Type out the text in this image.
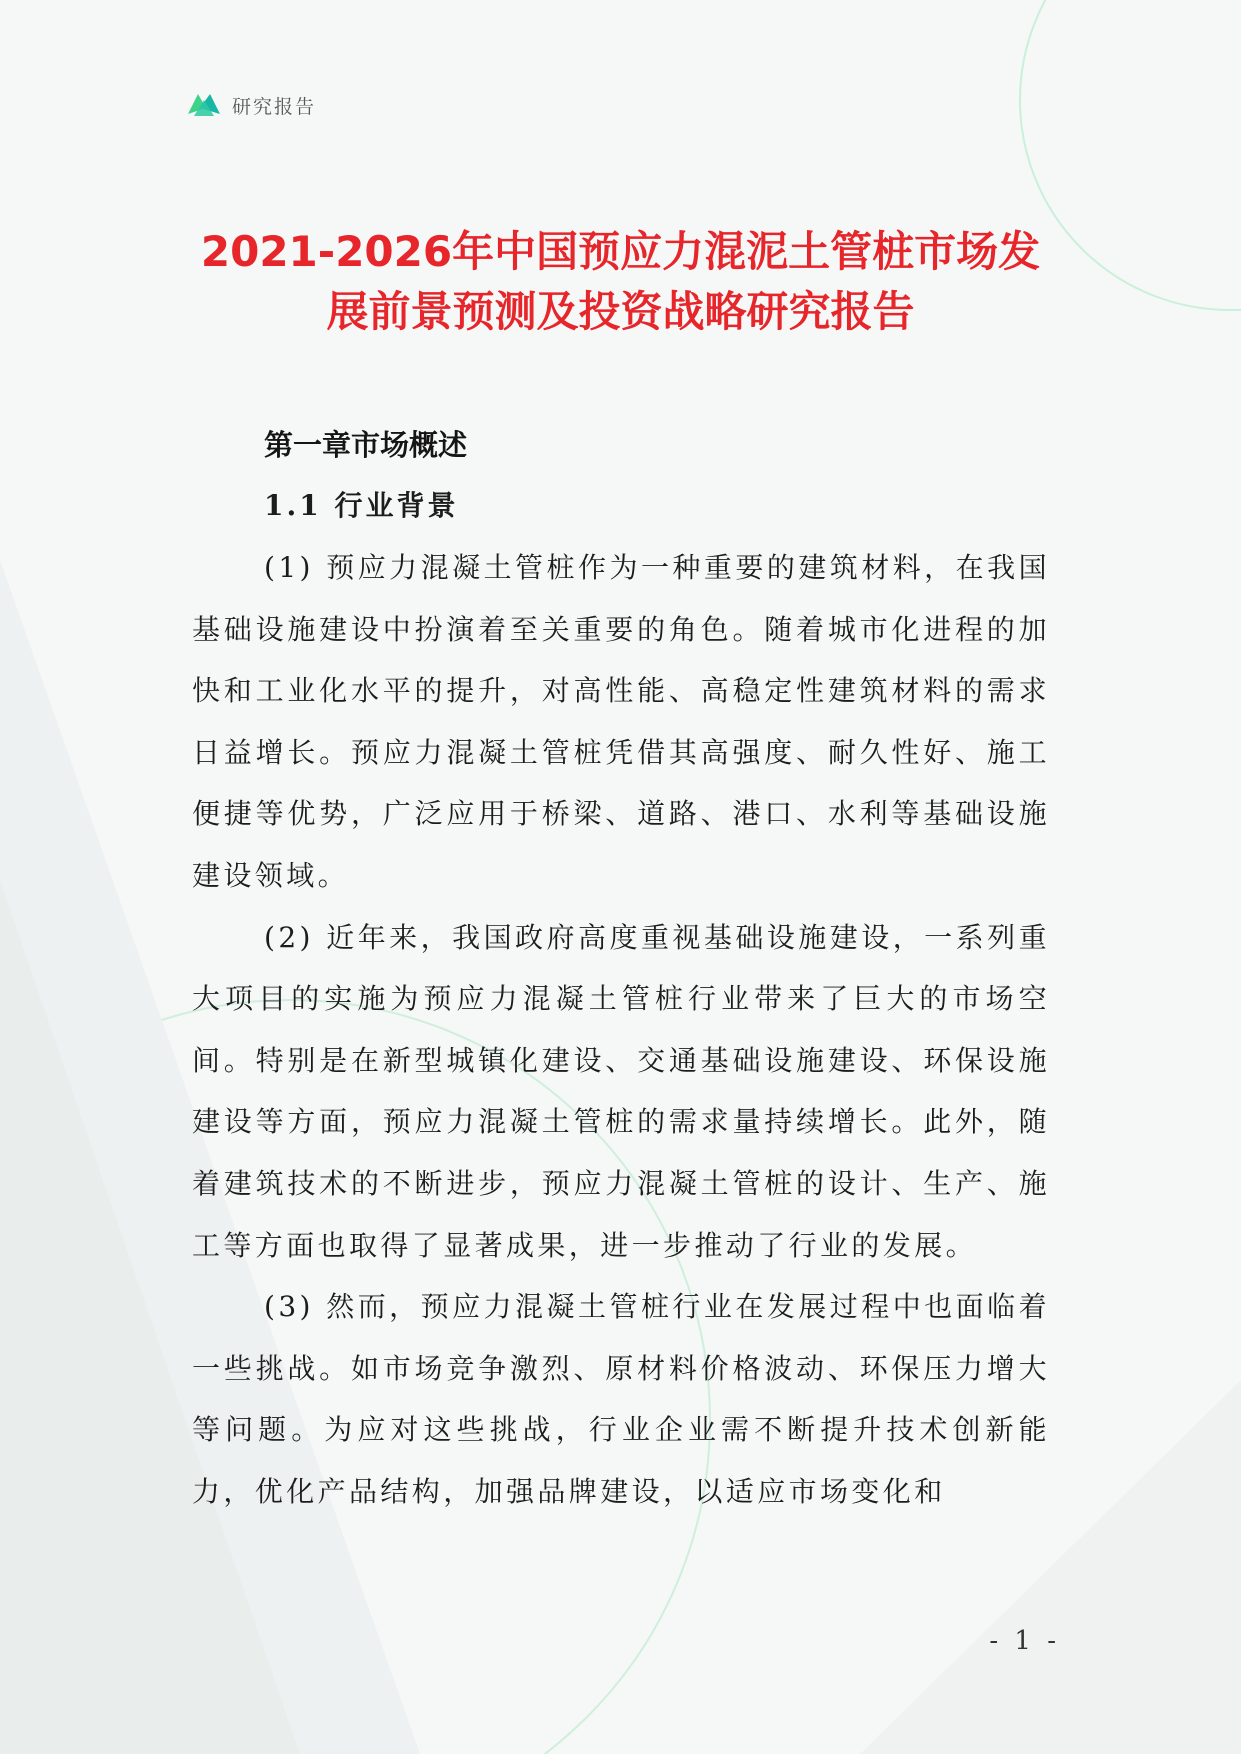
研究报告
2021-2026年中国预应力混泥土管桩市场发
展前景预测及投资战略研究报告
第一章市场概述
1.1 行业背景

(1) 预应力混凝土管桩作为一种重要的建筑材料，在我国基础设施建设中扮演着至关重要的角色。随着城市化进程的加快和工业化水平的提升，对高性能、高稳定性建筑材料的需求日益增长。预应力混凝土管桩凭借其高强度、耐久性好、施工便捷等优势，广泛应用于桥梁、道路、港口、水利等基础设施建设领域。

(2) 近年来，我国政府高度重视基础设施建设，一系列重大项目的实施为预应力混凝土管桩行业带来了巨大的市场空间。特别是在新型城镇化建设、交通基础设施建设、环保设施建设等方面，预应力混凝土管桩的需求量持续增长。此外，随着建筑技术的不断进步，预应力混凝土管桩的设计、生产、施工等方面也取得了显著成果，进一步推动了行业的发展。

(3) 然而，预应力混凝土管桩行业在发展过程中也面临着一些挑战。如市场竞争激烈、原材料价格波动、环保压力增大等问题。为应对这些挑战，行业企业需不断提升技术创新能力，优化产品结构，加强品牌建设，以适应市场变化和

- 1 -
